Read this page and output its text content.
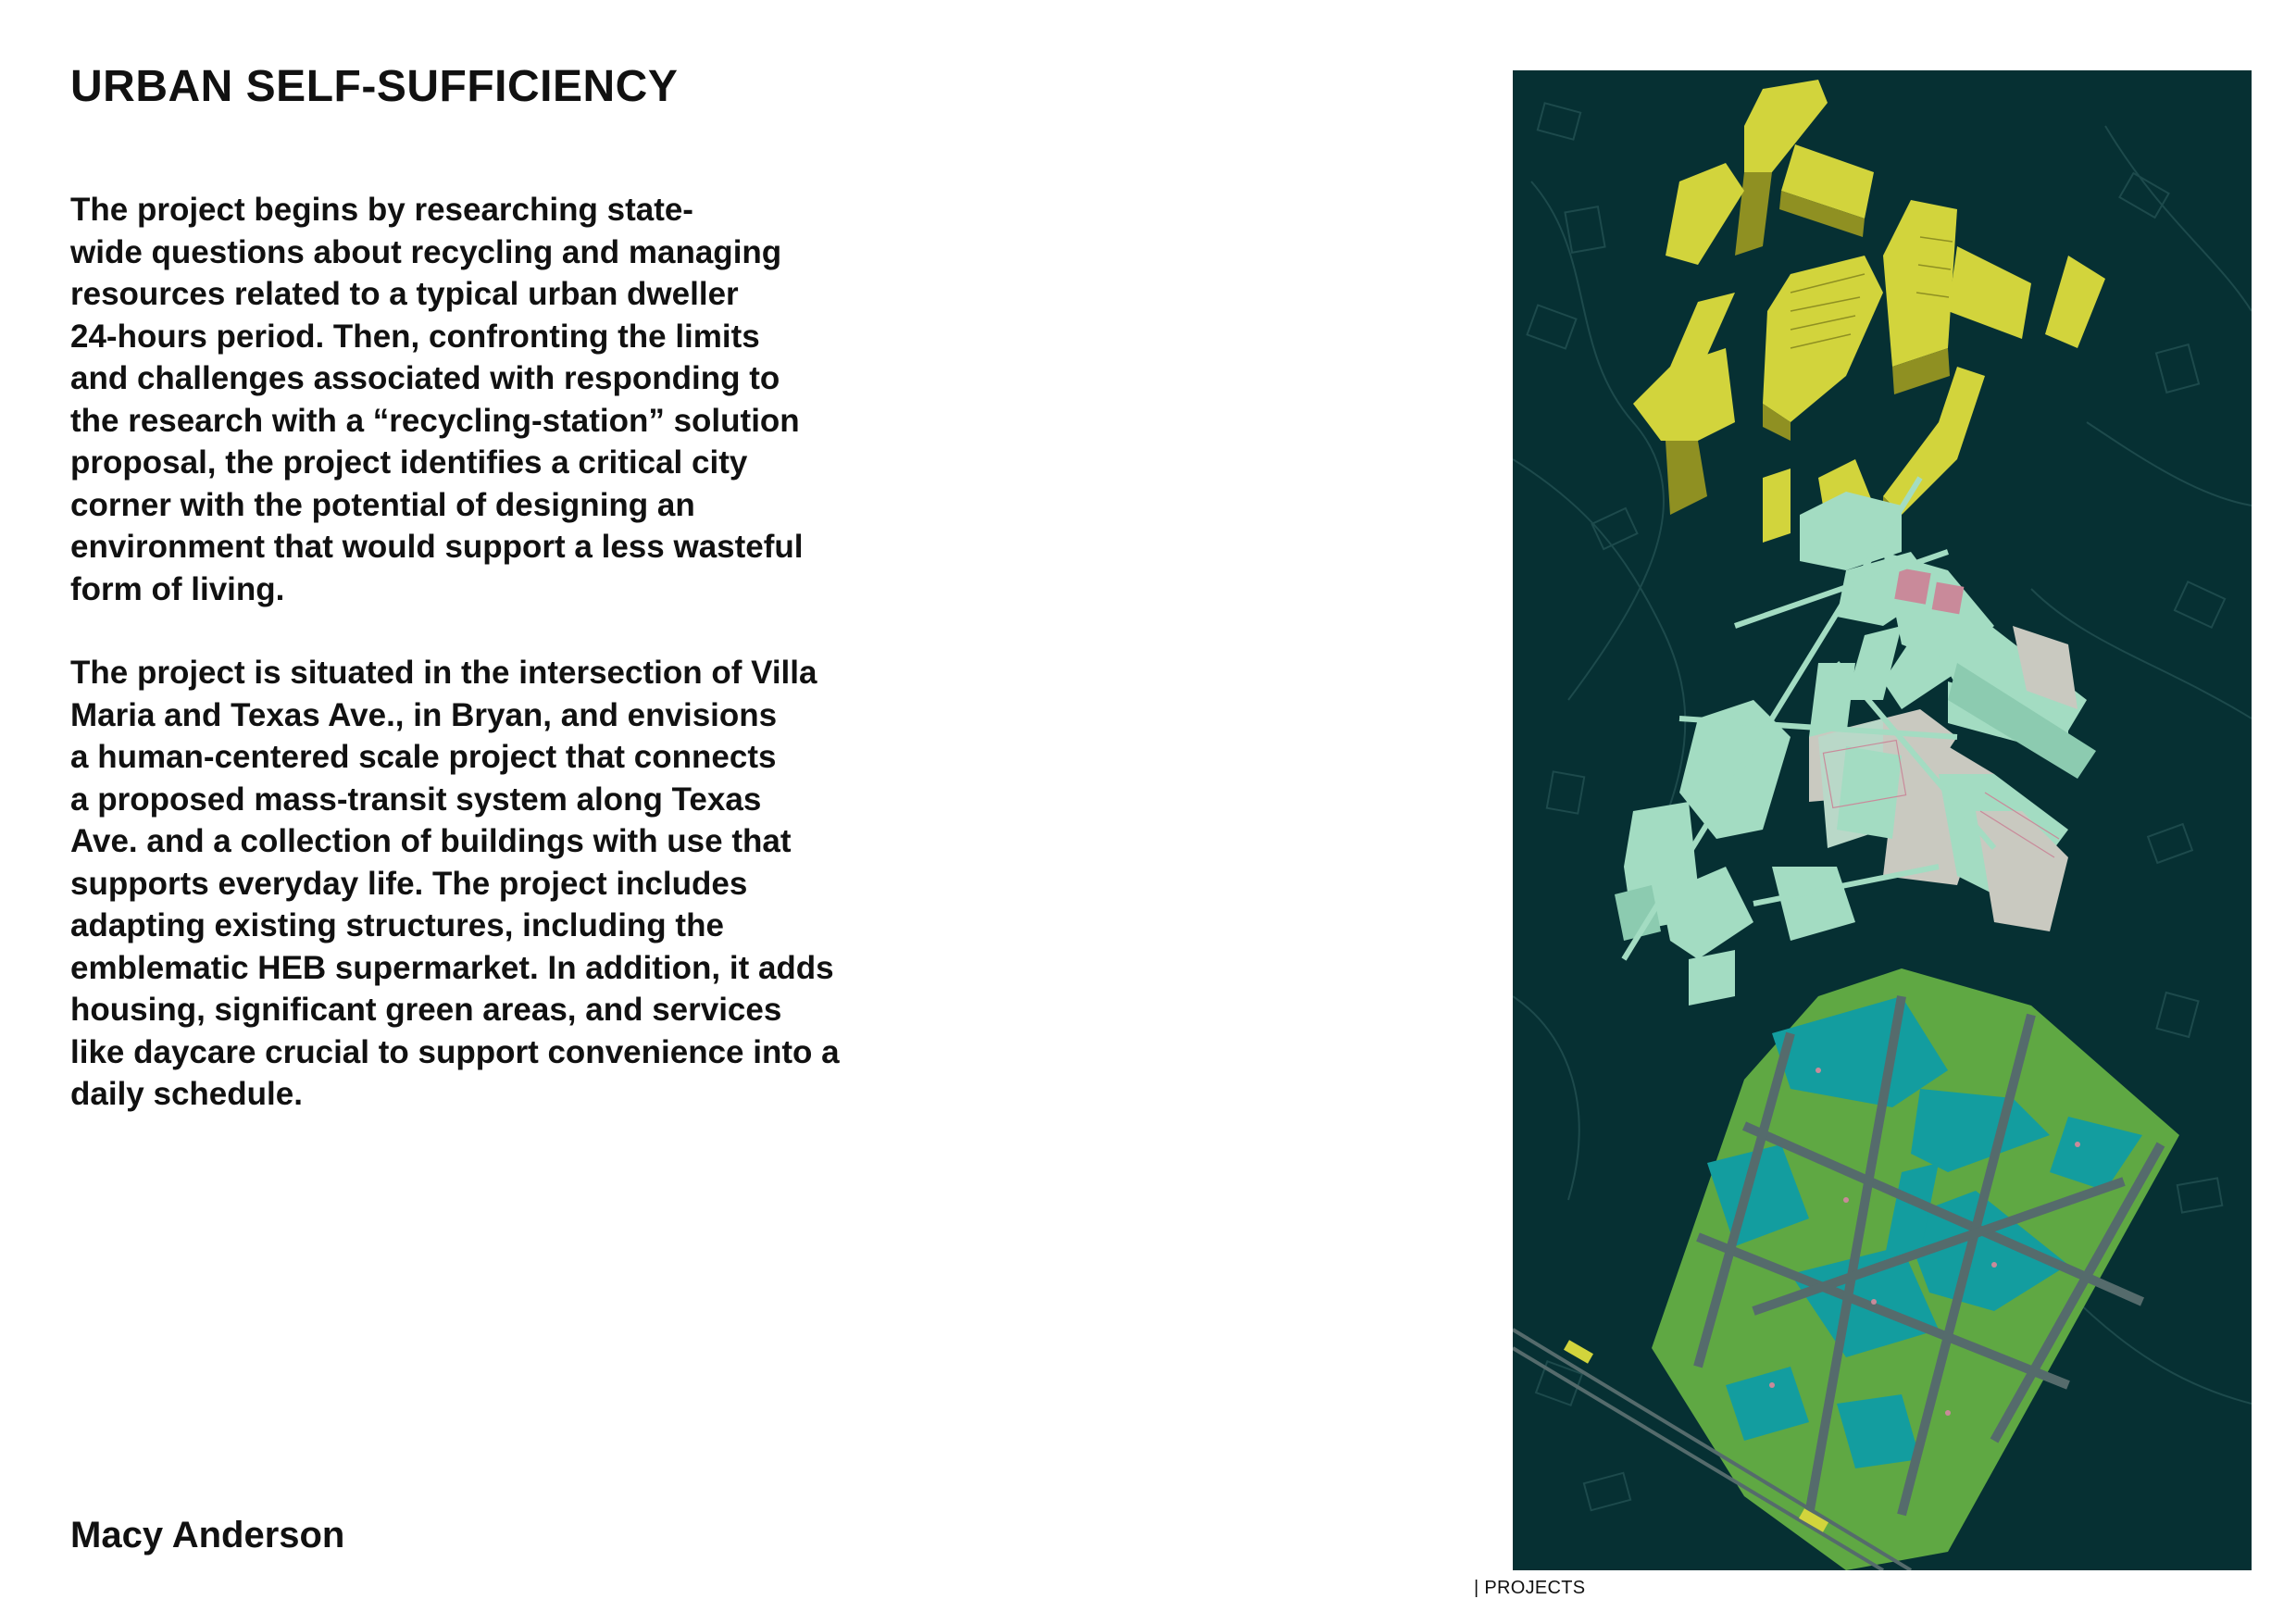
URBAN SELF-SUFFICIENCY
The project begins by researching state-
wide questions about recycling and managing
resources related to a typical urban dweller
24-hours period. Then, confronting the limits
and challenges associated with responding to
the research with a “recycling-station” solution
proposal, the project identifies a critical city
corner with the potential of designing an
environment that would support a less wasteful
form of living.
The project is situated in the intersection of Villa
Maria and Texas Ave., in Bryan, and envisions
a human-centered scale project that connects
a proposed mass-transit system along Texas
Ave. and a collection of buildings with use that
supports everyday life. The project includes
adapting existing structures, including the
emblematic HEB supermarket. In addition, it adds
housing, significant green areas, and services
like daycare crucial to support convenience into a
daily schedule.
Macy Anderson
| PROJECTS
